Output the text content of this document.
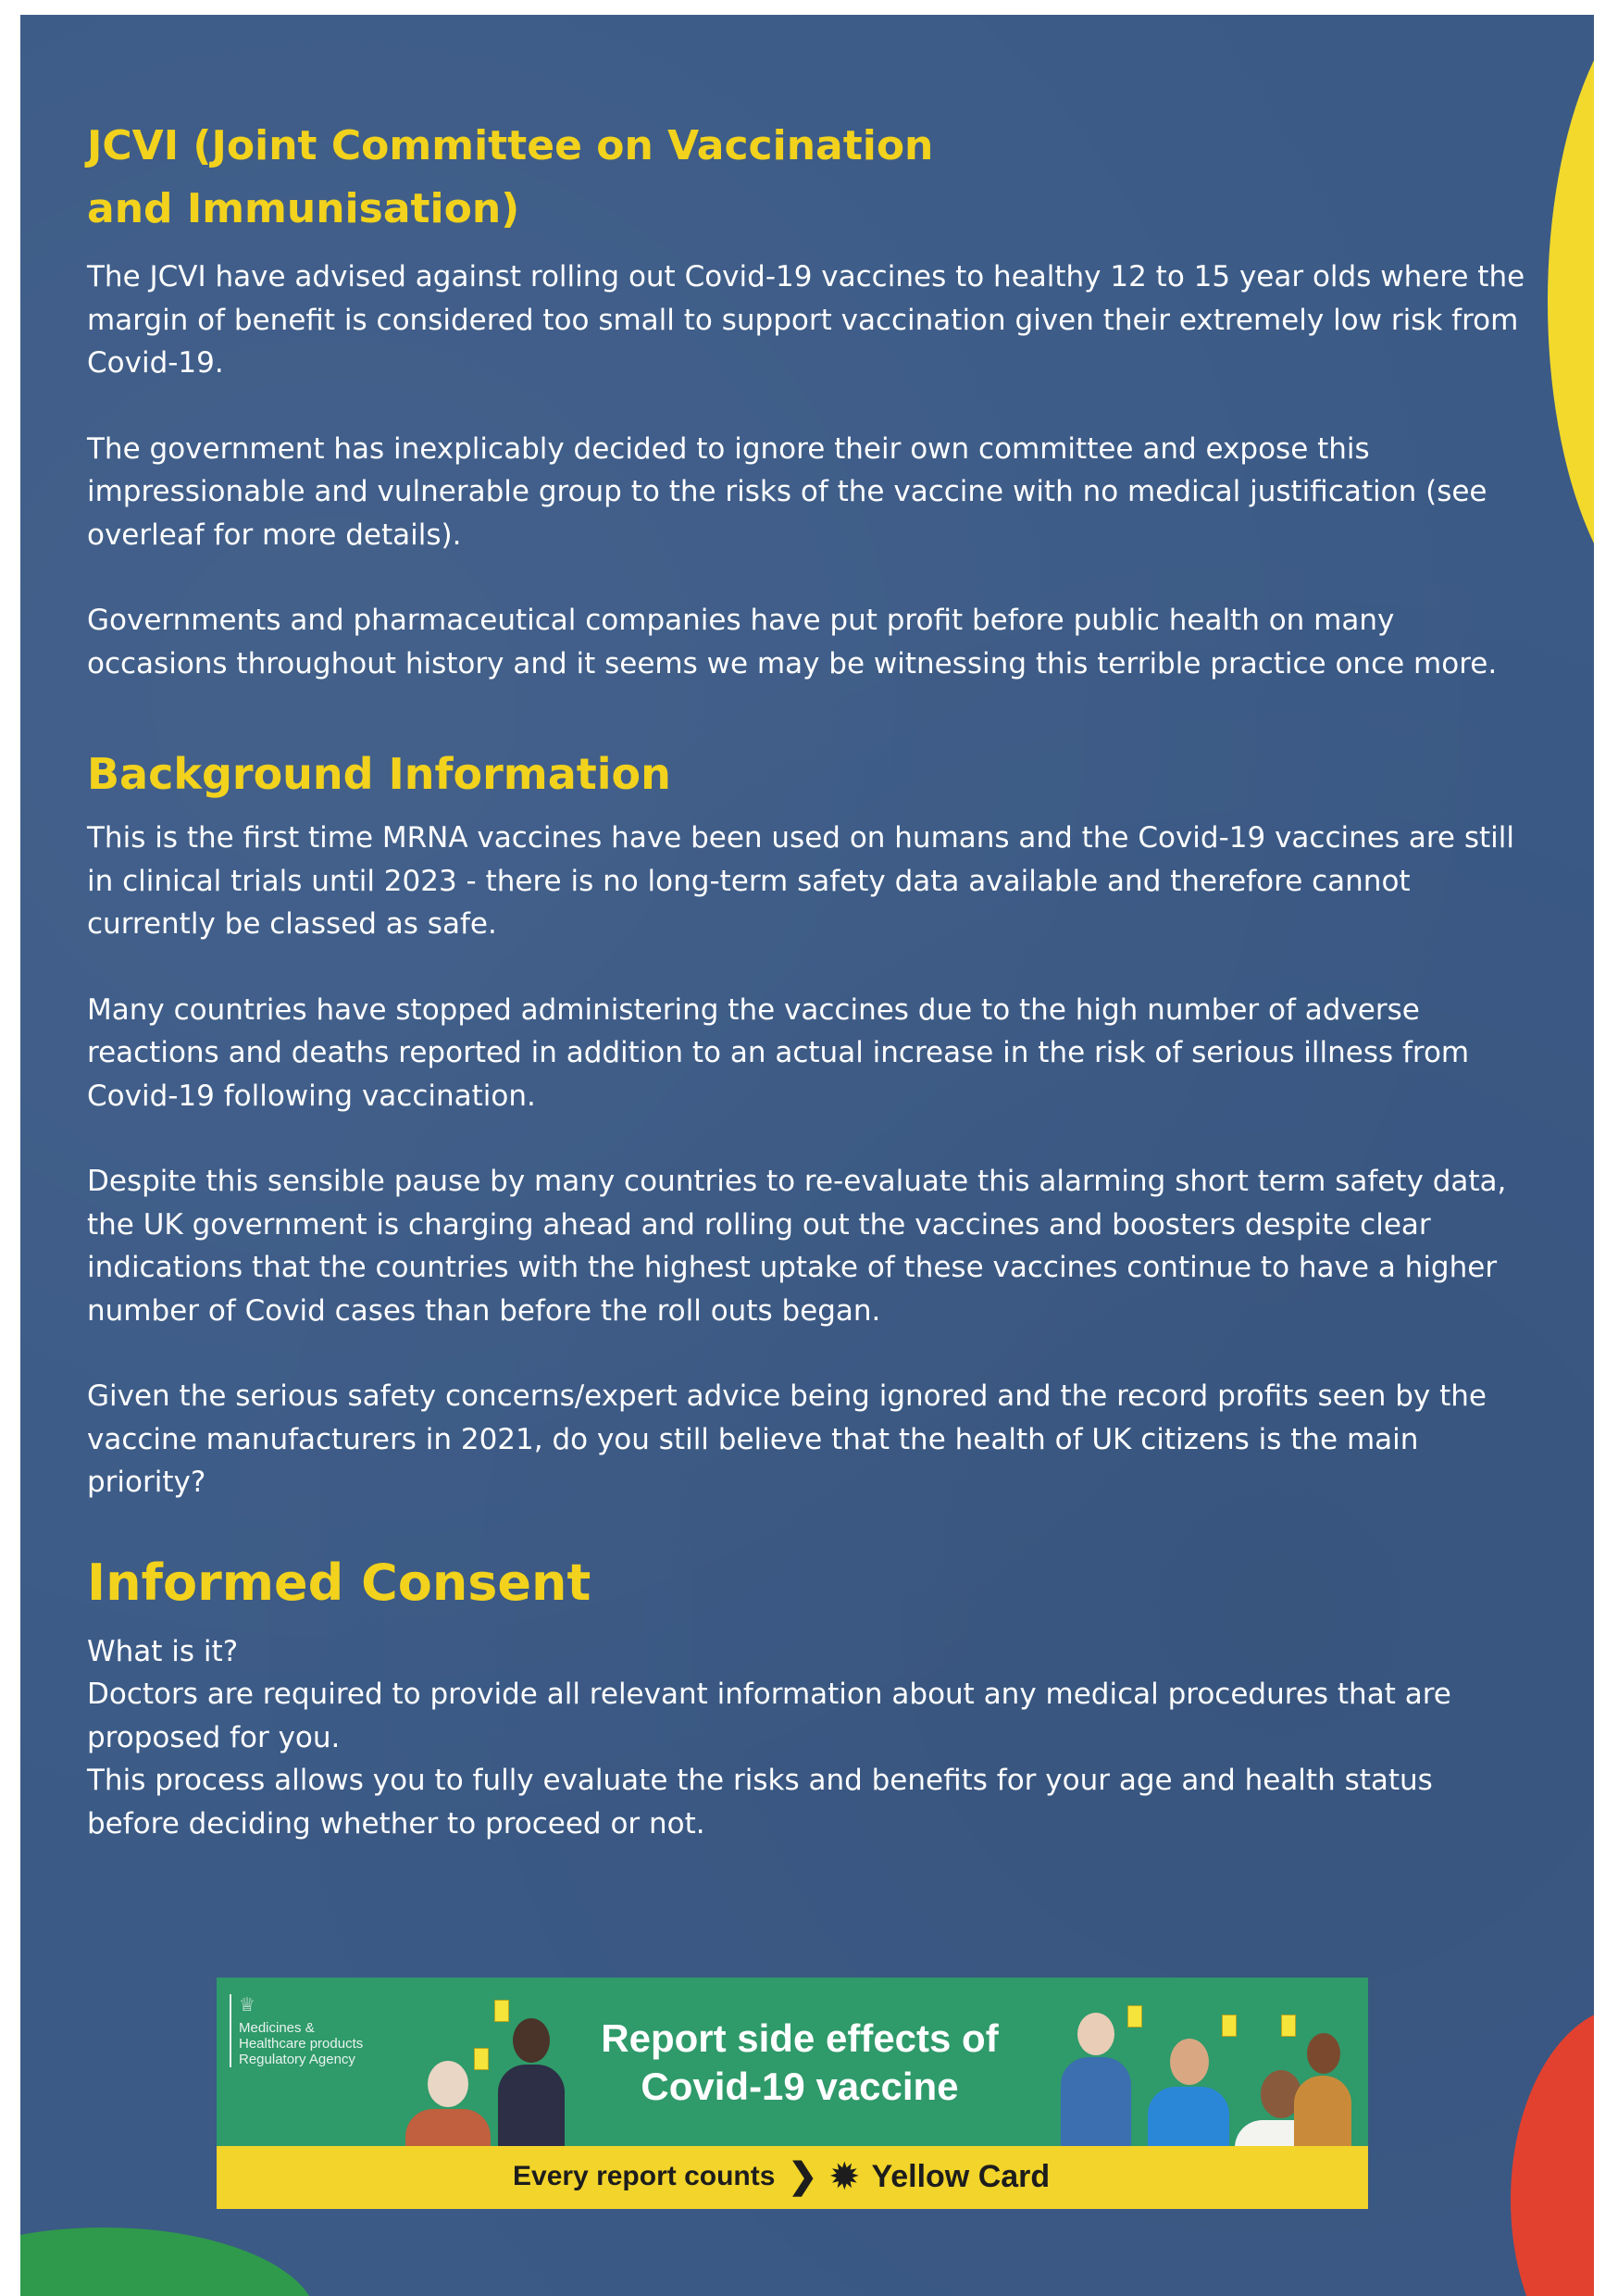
JCVI (Joint Committee on Vaccination and Immunisation)

The JCVI have advised against rolling out Covid-19 vaccines to healthy 12 to 15 year olds where the margin of benefit is considered too small to support vaccination given their extremely low risk from Covid-19.

The government has inexplicably decided to ignore their own committee and expose this impressionable and vulnerable group to the risks of the vaccine with no medical justification (see overleaf for more details).

Governments and pharmaceutical companies have put profit before public health on many occasions throughout history and it seems we may be witnessing this terrible practice once more.

Background Information

This is the first time MRNA vaccines have been used on humans and the Covid-19 vaccines are still in clinical trials until 2023 - there is no long-term safety data available and therefore cannot currently be classed as safe.

Many countries have stopped administering the vaccines due to the high number of adverse reactions and deaths reported in addition to an actual increase in the risk of serious illness from Covid-19 following vaccination.

Despite this sensible pause by many countries to re-evaluate this alarming short term safety data, the UK government is charging ahead and rolling out the vaccines and boosters despite clear indications that the countries with the highest uptake of these vaccines continue to have a higher number of Covid cases than before the roll outs began.

Given the serious safety concerns/expert advice being ignored and the record profits seen by the vaccine manufacturers in 2021, do you still believe that the health of UK citizens is the main priority?

Informed Consent

What is it?

Doctors are required to provide all relevant information about any medical procedures that are proposed for you.

This process allows you to fully evaluate the risks and benefits for your age and health status before deciding whether to proceed or not.

♕
Medicines &
Healthcare products
Regulatory Agency	Report side effects of
Covid-19 vaccine
Every report counts ❯ ✹ Yellow Card
